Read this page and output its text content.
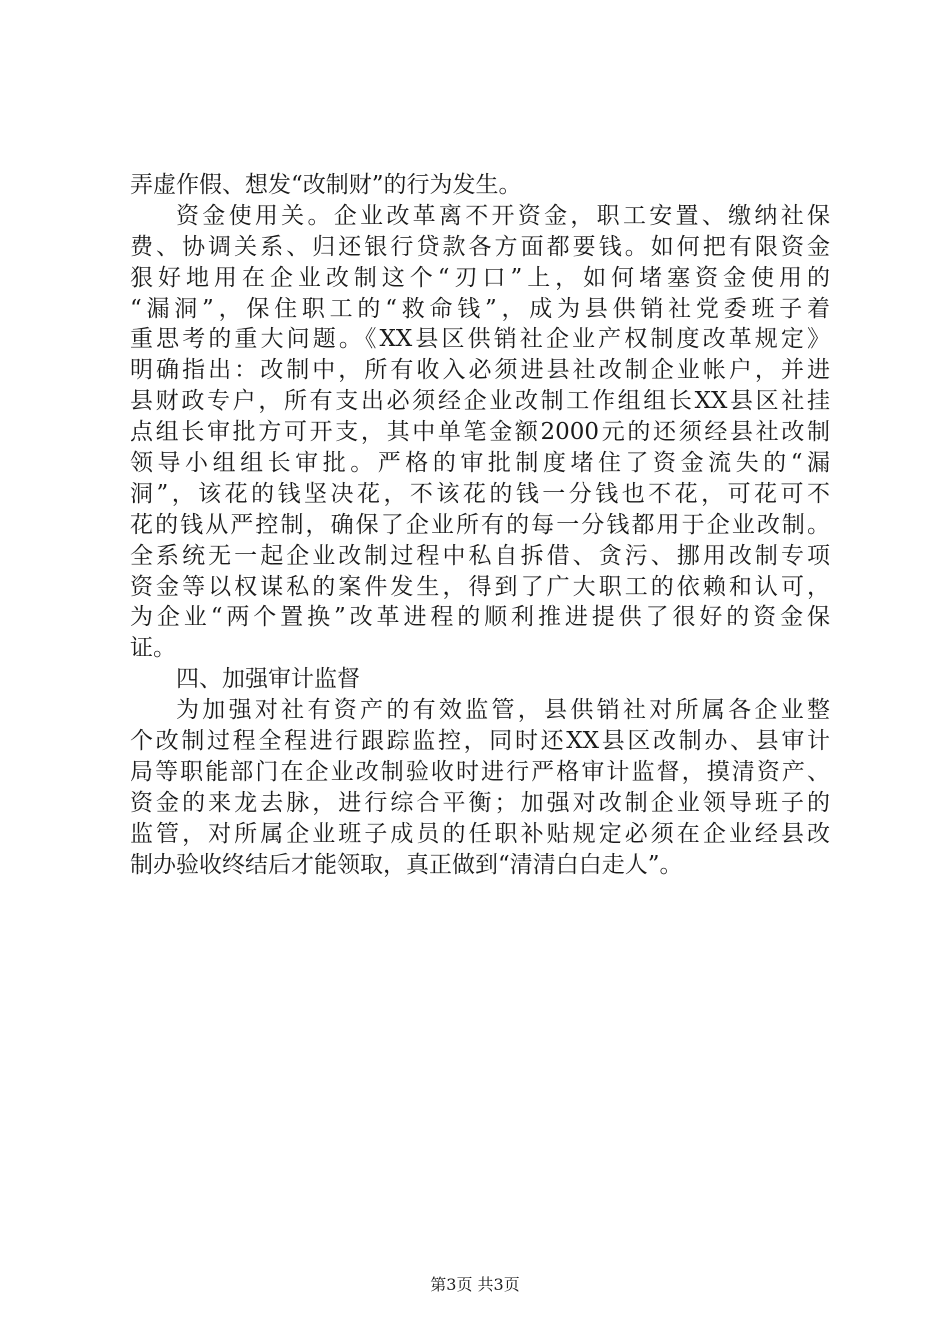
弄虚作假、想发“改制财”的行为发生。
资金使用关。企业改革离不开资金，职工安置、缴纳社保
费、协调关系、归还银行贷款各方面都要钱。如何把有限资金
狠好地用在企业改制这个“刃口”上，如何堵塞资金使用的
“漏洞”，保住职工的“救命钱”，成为县供销社党委班子着
重思考的重大问题。《XX县区供销社企业产权制度改革规定》
明确指出：改制中，所有收入必须进县社改制企业帐户，并进
县财政专户，所有支出必须经企业改制工作组组长XX县区社挂
点组长审批方可开支，其中单笔金额2000元的还须经县社改制
领导小组组长审批。严格的审批制度堵住了资金流失的“漏
洞”，该花的钱坚决花，不该花的钱一分钱也不花，可花可不
花的钱从严控制，确保了企业所有的每一分钱都用于企业改制。
全系统无一起企业改制过程中私自拆借、贪污、挪用改制专项
资金等以权谋私的案件发生，得到了广大职工的依赖和认可，
为企业“两个置换”改革进程的顺利推进提供了很好的资金保
证。
四、加强审计监督
为加强对社有资产的有效监管，县供销社对所属各企业整
个改制过程全程进行跟踪监控，同时还XX县区改制办、县审计
局等职能部门在企业改制验收时进行严格审计监督，摸清资产、
资金的来龙去脉，进行综合平衡；加强对改制企业领导班子的
监管，对所属企业班子成员的任职补贴规定必须在企业经县改
制办验收终结后才能领取，真正做到“清清白白走人”。
第3页 共3页
